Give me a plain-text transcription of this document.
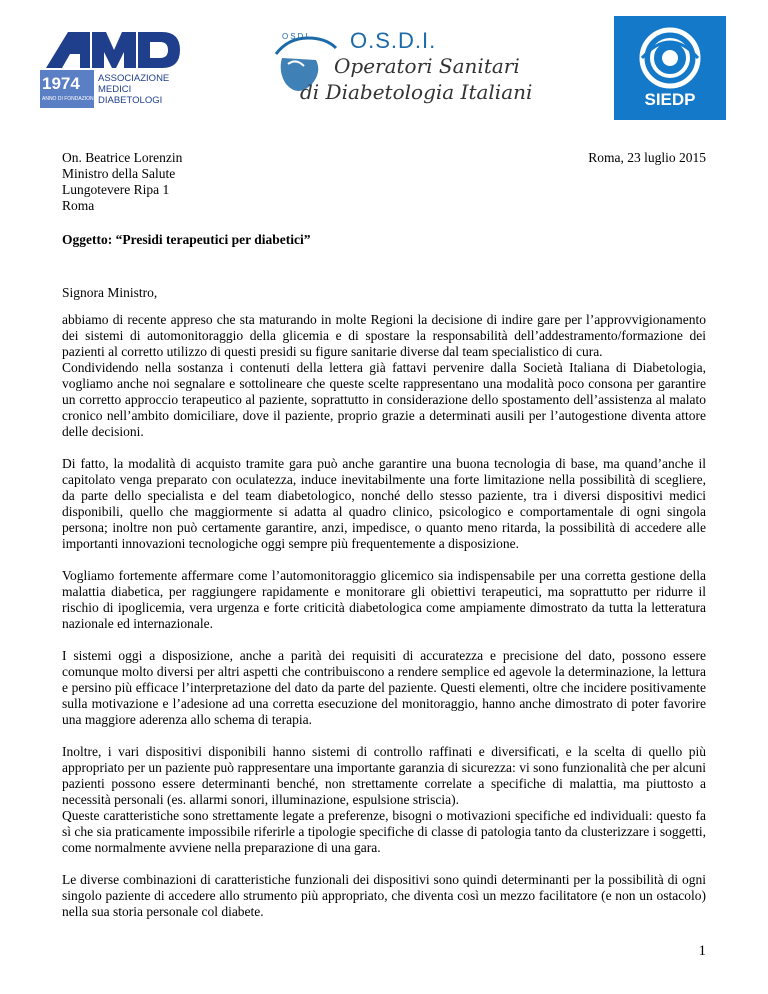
1974
ANNO DI FONDAZIONE
ASSOCIAZIONE
MEDICI
DIABETOLOGI
OSDI O.S.D.I.
Operatori Sanitari
di Diabetologia Italiani	SIEDP
On. Beatrice Lorenzin
Ministro della Salute
Lungotevere Ripa 1
Roma
Roma, 23 luglio 2015
Oggetto: “Presidi terapeutici per diabetici”
Signora Ministro,

abbiamo di recente appreso che sta maturando in molte Regioni la decisione di indire gare per l’approvvigionamento dei sistemi di automonitoraggio della glicemia e di spostare la responsabilità dell’addestramento/formazione dei pazienti al corretto utilizzo di questi presidi su figure sanitarie diverse dal team specialistico di cura.

Condividendo nella sostanza i contenuti della lettera già fattavi pervenire dalla Società Italiana di Diabetologia, vogliamo anche noi segnalare e sottolineare che queste scelte rappresentano una modalità poco consona per garantire un corretto approccio terapeutico al paziente, soprattutto in considerazione dello spostamento dell’assistenza al malato cronico nell’ambito domiciliare, dove il paziente, proprio grazie a determinati ausili per l’autogestione diventa attore delle decisioni.

Di fatto, la modalità di acquisto tramite gara può anche garantire una buona tecnologia di base, ma quand’anche il capitolato venga preparato con oculatezza, induce inevitabilmente una forte limitazione nella possibilità di scegliere, da parte dello specialista e del team diabetologico, nonché dello stesso paziente, tra i diversi dispositivi medici disponibili, quello che maggiormente si adatta al quadro clinico, psicologico e comportamentale di ogni singola persona; inoltre non può certamente garantire, anzi, impedisce, o quanto meno ritarda, la possibilità di accedere alle importanti innovazioni tecnologiche oggi sempre più frequentemente a disposizione.

Vogliamo fortemente affermare come l’automonitoraggio glicemico sia indispensabile per una corretta gestione della malattia diabetica, per raggiungere rapidamente e monitorare gli obiettivi terapeutici, ma soprattutto per ridurre il rischio di ipoglicemia, vera urgenza e forte criticità diabetologica come ampiamente dimostrato da tutta la letteratura nazionale ed internazionale.

I sistemi oggi a disposizione, anche a parità dei requisiti di accuratezza e precisione del dato, possono essere comunque molto diversi per altri aspetti che contribuiscono a rendere semplice ed agevole la determinazione, la lettura e persino più efficace l’interpretazione del dato da parte del paziente. Questi elementi, oltre che incidere positivamente sulla motivazione e l’adesione ad una corretta esecuzione del monitoraggio, hanno anche dimostrato di poter favorire una maggiore aderenza allo schema di terapia.

Inoltre, i vari dispositivi disponibili hanno sistemi di controllo raffinati e diversificati, e la scelta di quello più appropriato per un paziente può rappresentare una importante garanzia di sicurezza: vi sono funzionalità che per alcuni pazienti possono essere determinanti benché, non strettamente correlate a specifiche di malattia, ma piuttosto a necessità personali (es. allarmi sonori, illuminazione, espulsione striscia).

Queste caratteristiche sono strettamente legate a preferenze, bisogni o motivazioni specifiche ed individuali: questo fa sì che sia praticamente impossibile riferirle a tipologie specifiche di classe di patologia tanto da clusterizzare i soggetti, come normalmente avviene nella preparazione di una gara.

Le diverse combinazioni di caratteristiche funzionali dei dispositivi sono quindi determinanti per la possibilità di ogni singolo paziente di accedere allo strumento più appropriato, che diventa così un mezzo facilitatore (e non un ostacolo) nella sua storia personale col diabete.

1
